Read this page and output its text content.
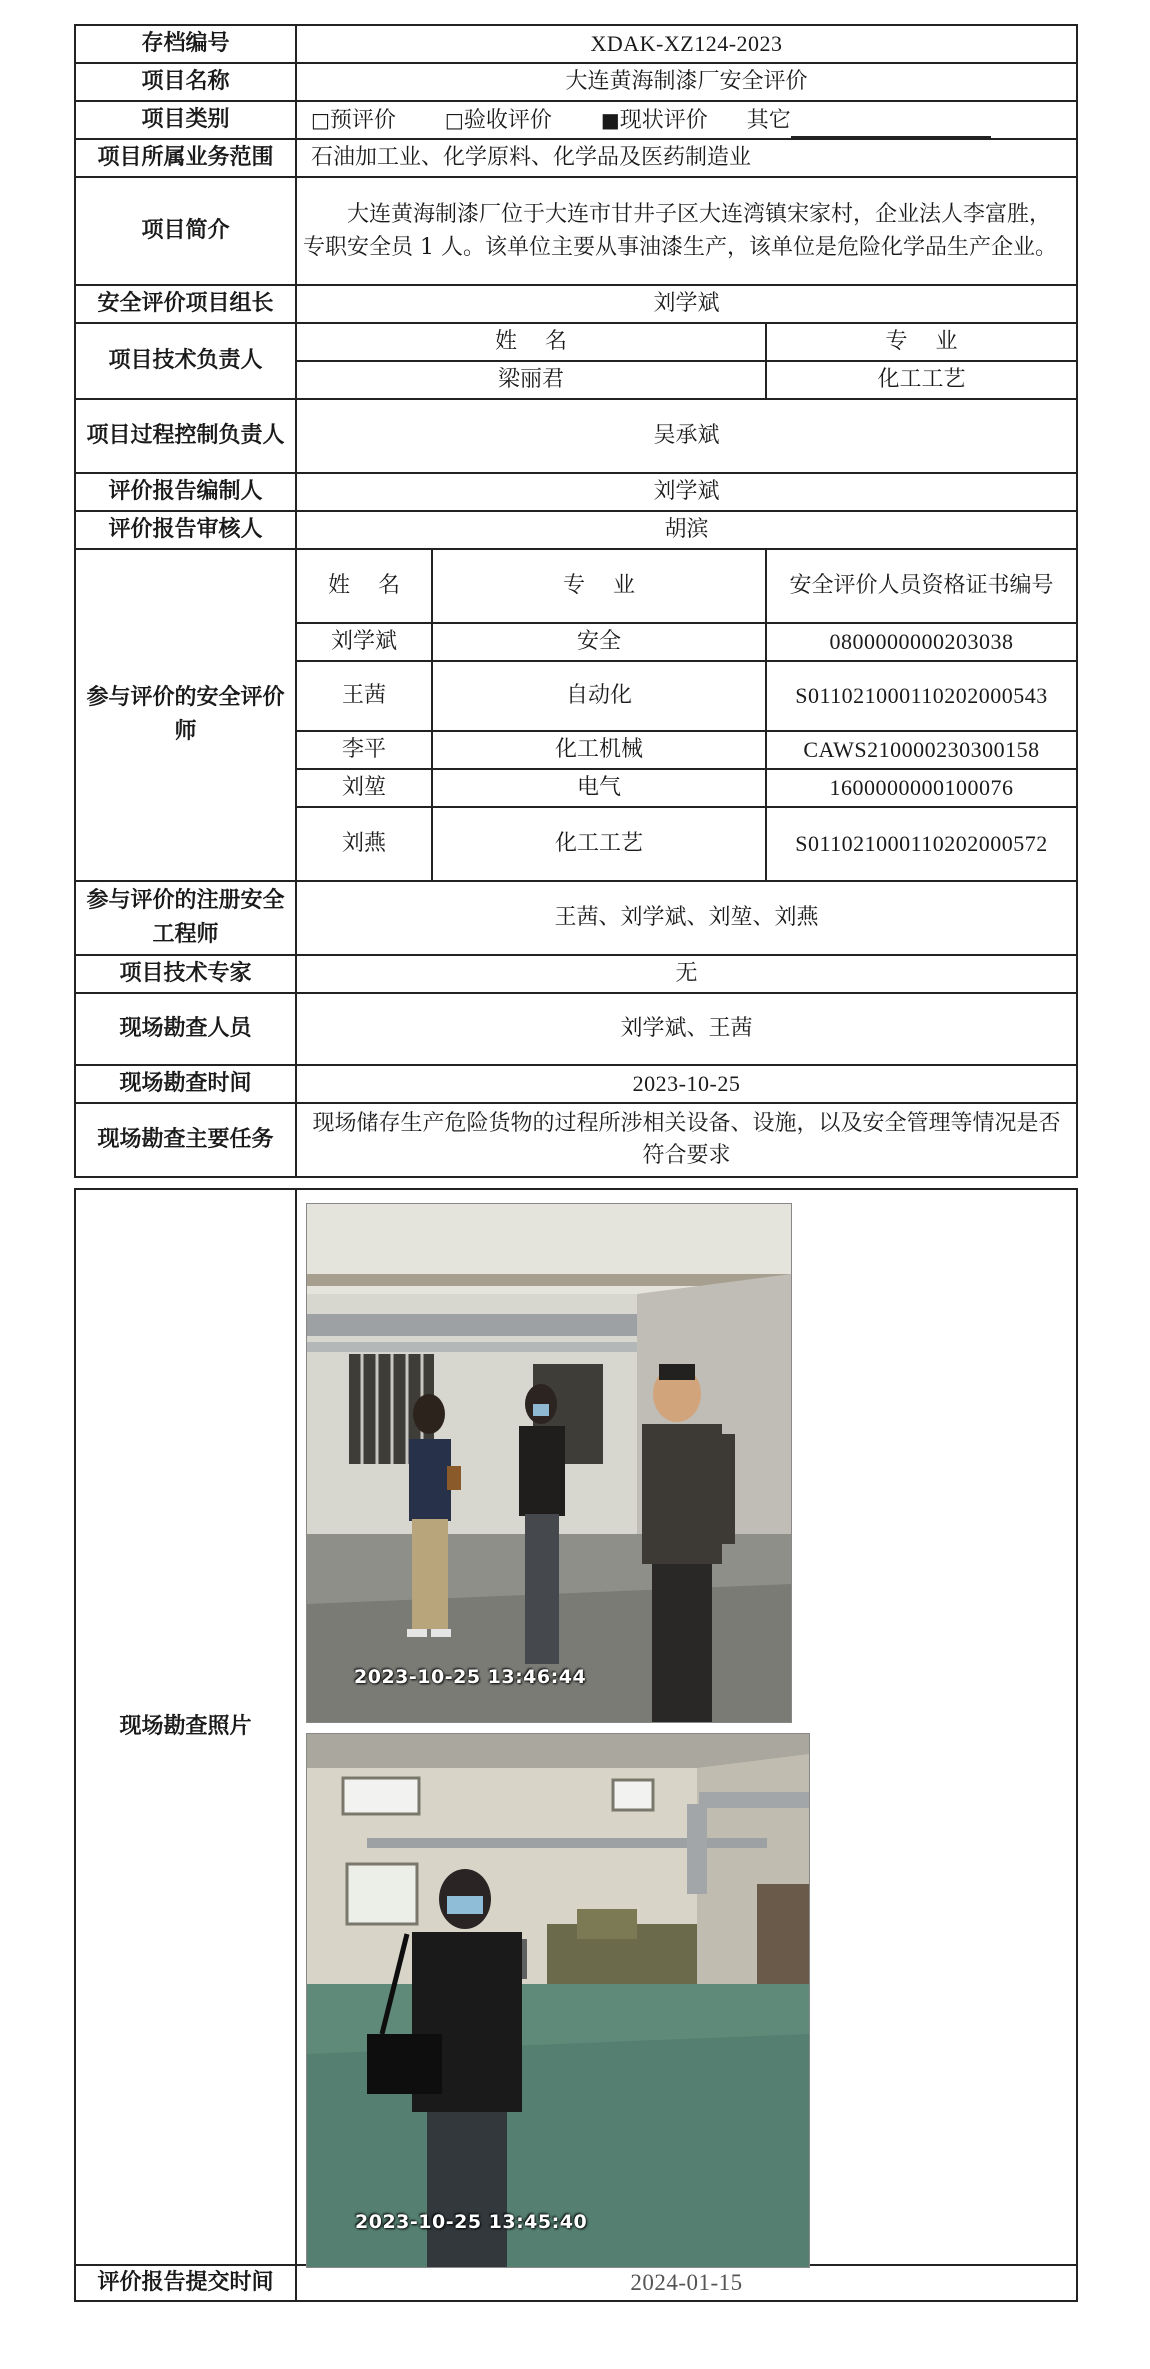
存档编号	XDAK-XZ124-2023		
项目名称	大连黄海制漆厂安全评价		
项目类别	□预评价 □验收评价 ■现状评价 其它		
项目所属业务范围	石油加工业、化学原料、化学品及医药制造业		
项目简介	大连黄海制漆厂位于大连市甘井子区大连湾镇宋家村，企业法人李富胜，专职安全员 1 人。该单位主要从事油漆生产，该单位是危险化学品生产企业。		
安全评价项目组长	刘学斌		
项目技术负责人	姓    名		专    业
	梁丽君		化工工艺
项目过程控制负责人	吴承斌		
评价报告编制人	刘学斌		
评价报告审核人	胡滨		
参与评价的安全评价师	姓    名	专    业	安全评价人员资格证书编号
	刘学斌	安全	0800000000203038
	王茜	自动化	S011021000110202000543
	李平	化工机械	CAWS210000230300158
	刘堃	电气	1600000000100076
	刘燕	化工工艺	S011021000110202000572
参与评价的注册安全工程师	王茜、刘学斌、刘堃、刘燕		
项目技术专家	无		
现场勘查人员	刘学斌、王茜		
现场勘查时间	2023-10-25		
现场勘查主要任务	现场储存生产危险货物的过程所涉相关设备、设施，以及安全管理等情况是否符合要求		
现场勘查照片	
评价报告提交时间	2024-01-15
2023-10-25 13:46:44
2023-10-25 13:45:40
